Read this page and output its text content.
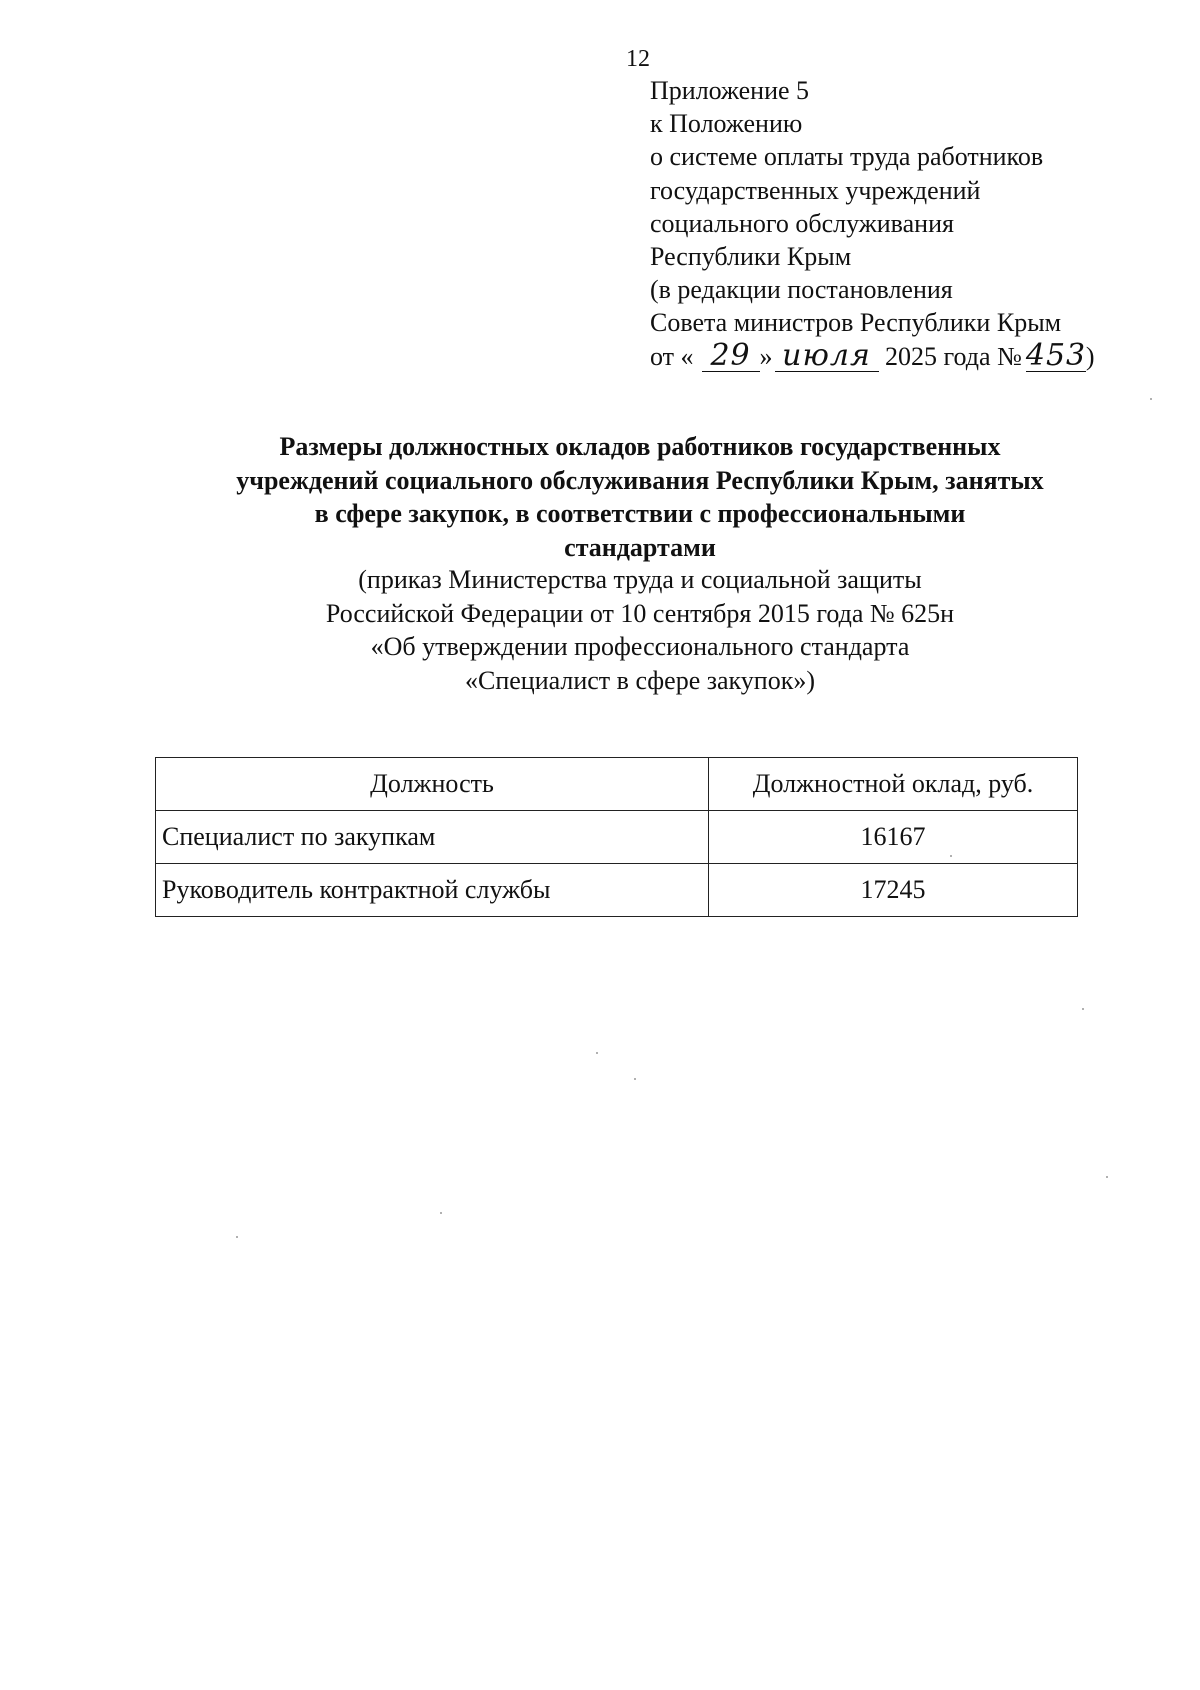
12
Приложение 5
к Положению
о системе оплаты труда работников
государственных учреждений
социального обслуживания
Республики Крым
(в редакции постановления
Совета министров Республики Крым
от « 29 » июля 2025 года № 453)
Размеры должностных окладов работников государственных
учреждений социального обслуживания Республики Крым, занятых
в сфере закупок, в соответствии с профессиональными
стандартами
(приказ Министерства труда и социальной защиты
Российской Федерации от 10 сентября 2015 года № 625н
«Об утверждении профессионального стандарта
«Специалист в сфере закупок»)
Должность	Должностной оклад, руб.
Специалист по закупкам	16167
Руководитель контрактной службы	17245
